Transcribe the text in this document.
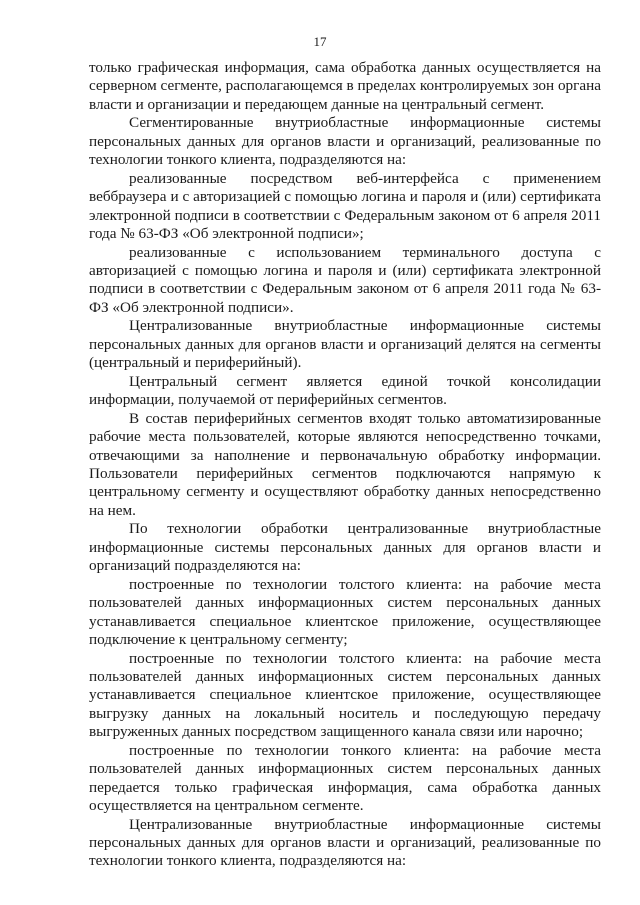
17

только графическая информация, сама обработка данных осуществляется на серверном сегменте, располагающемся в пределах контролируемых зон органа власти и организации и передающем данные на центральный сегмент.

Сегментированные внутриобластные информационные системы персональных данных для органов власти и организаций, реализованные по технологии тонкого клиента, подразделяются на:

реализованные посредством веб-интерфейса с применением веббраузера и с авторизацией с помощью логина и пароля и (или) сертификата электронной подписи в соответствии с Федеральным законом от 6 апреля 2011 года № 63-ФЗ «Об электронной подписи»;

реализованные с использованием терминального доступа с авторизацией с помощью логина и пароля и (или) сертификата электронной подписи в соответствии с Федеральным законом от 6 апреля 2011 года № 63-ФЗ «Об электронной подписи».

Централизованные внутриобластные информационные системы персональных данных для органов власти и организаций делятся на сегменты (центральный и периферийный).

Центральный сегмент является единой точкой консолидации информации, получаемой от периферийных сегментов.

В состав периферийных сегментов входят только автоматизированные рабочие места пользователей, которые являются непосредственно точками, отвечающими за наполнение и первоначальную обработку информации. Пользователи периферийных сегментов подключаются напрямую к центральному сегменту и осуществляют обработку данных непосредственно на нем.

По технологии обработки централизованные внутриобластные информационные системы персональных данных для органов власти и организаций подразделяются на:

построенные по технологии толстого клиента: на рабочие места пользователей данных информационных систем персональных данных устанавливается специальное клиентское приложение, осуществляющее подключение к центральному сегменту;

построенные по технологии толстого клиента: на рабочие места пользователей данных информационных систем персональных данных устанавливается специальное клиентское приложение, осуществляющее выгрузку данных на локальный носитель и последующую передачу выгруженных данных посредством защищенного канала связи или нарочно;

построенные по технологии тонкого клиента: на рабочие места пользователей данных информационных систем персональных данных передается только графическая информация, сама обработка данных осуществляется на центральном сегменте.

Централизованные внутриобластные информационные системы персональных данных для органов власти и организаций, реализованные по технологии тонкого клиента, подразделяются на:
